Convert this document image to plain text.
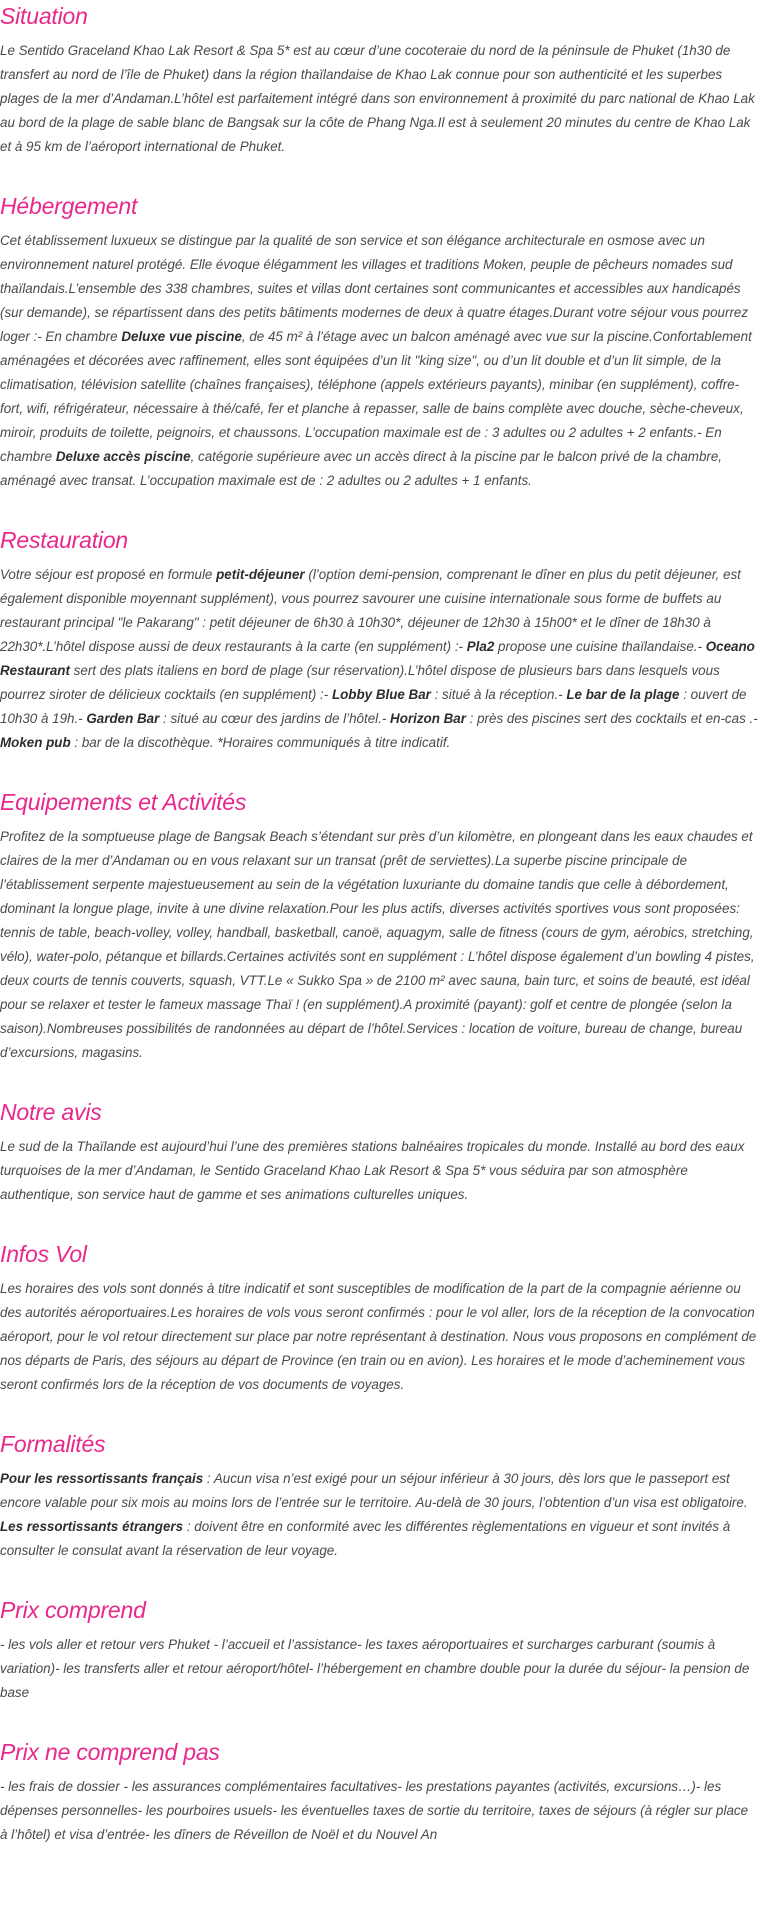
Situation

Le Sentido Graceland Khao Lak Resort & Spa 5* est au cœur d’une cocoteraie du nord de la péninsule de Phuket (1h30 de transfert au nord de l’île de Phuket) dans la région thaïlandaise de Khao Lak connue pour son authenticité et les superbes plages de la mer d’Andaman.L’hôtel est parfaitement intégré dans son environnement à proximité du parc national de Khao Lak au bord de la plage de sable blanc de Bangsak sur la côte de Phang Nga.Il est à seulement 20 minutes du centre de Khao Lak et à 95 km de l’aéroport international de Phuket.

Hébergement

Cet établissement luxueux se distingue par la qualité de son service et son élégance architecturale en osmose avec un environnement naturel protégé. Elle évoque élégamment les villages et traditions Moken, peuple de pêcheurs nomades sud thaïlandais.L’ensemble des 338 chambres, suites et villas dont certaines sont communicantes et accessibles aux handicapés (sur demande), se répartissent dans des petits bâtiments modernes de deux à quatre étages.Durant votre séjour vous pourrez loger :- En chambre Deluxe vue piscine, de 45 m² à l’étage avec un balcon aménagé avec vue sur la piscine.Confortablement aménagées et décorées avec raffinement, elles sont équipées d’un lit "king size", ou d’un lit double et d’un lit simple, de la climatisation, télévision satellite (chaînes françaises), téléphone (appels extérieurs payants), minibar (en supplément), coffre-fort, wifi, réfrigérateur, nécessaire à thé/café, fer et planche à repasser, salle de bains complète avec douche, sèche-cheveux, miroir, produits de toilette, peignoirs, et chaussons. L’occupation maximale est de : 3 adultes ou 2 adultes + 2 enfants.- En chambre Deluxe accès piscine, catégorie supérieure avec un accès direct à la piscine par le balcon privé de la chambre, aménagé avec transat. L’occupation maximale est de : 2 adultes ou 2 adultes + 1 enfants.

Restauration

Votre séjour est proposé en formule petit-déjeuner (l’option demi-pension, comprenant le dîner en plus du petit déjeuner, est également disponible moyennant supplément), vous pourrez savourer une cuisine internationale sous forme de buffets au restaurant principal "le Pakarang" : petit déjeuner de 6h30 à 10h30*, déjeuner de 12h30 à 15h00* et le dîner de 18h30 à 22h30*.L’hôtel dispose aussi de deux restaurants à la carte (en supplément) :- Pla2 propose une cuisine thaïlandaise.- Oceano Restaurant sert des plats italiens en bord de plage (sur réservation).L’hôtel dispose de plusieurs bars dans lesquels vous pourrez siroter de délicieux cocktails (en supplément) :- Lobby Blue Bar : situé à la réception.- Le bar de la plage : ouvert de 10h30 à 19h.- Garden Bar : situé au cœur des jardins de l’hôtel.- Horizon Bar : près des piscines sert des cocktails et en-cas .- Moken pub : bar de la discothèque. *Horaires communiqués à titre indicatif.

Equipements et Activités

Profitez de la somptueuse plage de Bangsak Beach s’étendant sur près d’un kilomètre, en plongeant dans les eaux chaudes et claires de la mer d’Andaman ou en vous relaxant sur un transat (prêt de serviettes).La superbe piscine principale de l’établissement serpente majestueusement au sein de la végétation luxuriante du domaine tandis que celle à débordement, dominant la longue plage, invite à une divine relaxation.Pour les plus actifs, diverses activités sportives vous sont proposées: tennis de table, beach-volley, volley, handball, basketball, canoë, aquagym, salle de fitness (cours de gym, aérobics, stretching, vélo), water-polo, pétanque et billards.Certaines activités sont en supplément : L’hôtel dispose également d’un bowling 4 pistes, deux courts de tennis couverts, squash, VTT.Le « Sukko Spa » de 2100 m² avec sauna, bain turc, et soins de beauté, est idéal pour se relaxer et tester le fameux massage Thaï ! (en supplément).A proximité (payant): golf et centre de plongée (selon la saison).Nombreuses possibilités de randonnées au départ de l’hôtel.Services : location de voiture, bureau de change, bureau d’excursions, magasins.

Notre avis

Le sud de la Thaïlande est aujourd’hui l’une des premières stations balnéaires tropicales du monde. Installé au bord des eaux turquoises de la mer d’Andaman, le Sentido Graceland Khao Lak Resort & Spa 5* vous séduira par son atmosphère authentique, son service haut de gamme et ses animations culturelles uniques.

Infos Vol

Les horaires des vols sont donnés à titre indicatif et sont susceptibles de modification de la part de la compagnie aérienne ou des autorités aéroportuaires.Les horaires de vols vous seront confirmés : pour le vol aller, lors de la réception de la convocation aéroport, pour le vol retour directement sur place par notre représentant à destination. Nous vous proposons en complément de nos départs de Paris, des séjours au départ de Province (en train ou en avion). Les horaires et le mode d’acheminement vous seront confirmés lors de la réception de vos documents de voyages.

Formalités

Pour les ressortissants français : Aucun visa n’est exigé pour un séjour inférieur à 30 jours, dès lors que le passeport est encore valable pour six mois au moins lors de l’entrée sur le territoire. Au-delà de 30 jours, l’obtention d’un visa est obligatoire.

Les ressortissants étrangers : doivent être en conformité avec les différentes règlementations en vigueur et sont invités à consulter le consulat avant la réservation de leur voyage.

Prix comprend

- les vols aller et retour vers Phuket - l’accueil et l’assistance- les taxes aéroportuaires et surcharges carburant (soumis à variation)- les transferts aller et retour aéroport/hôtel- l’hébergement en chambre double pour la durée du séjour- la pension de base

Prix ne comprend pas

- les frais de dossier - les assurances complémentaires facultatives- les prestations payantes (activités, excursions…)- les dépenses personnelles- les pourboires usuels- les éventuelles taxes de sortie du territoire, taxes de séjours (à régler sur place à l’hôtel) et visa d’entrée- les dîners de Réveillon de Noël et du Nouvel An
